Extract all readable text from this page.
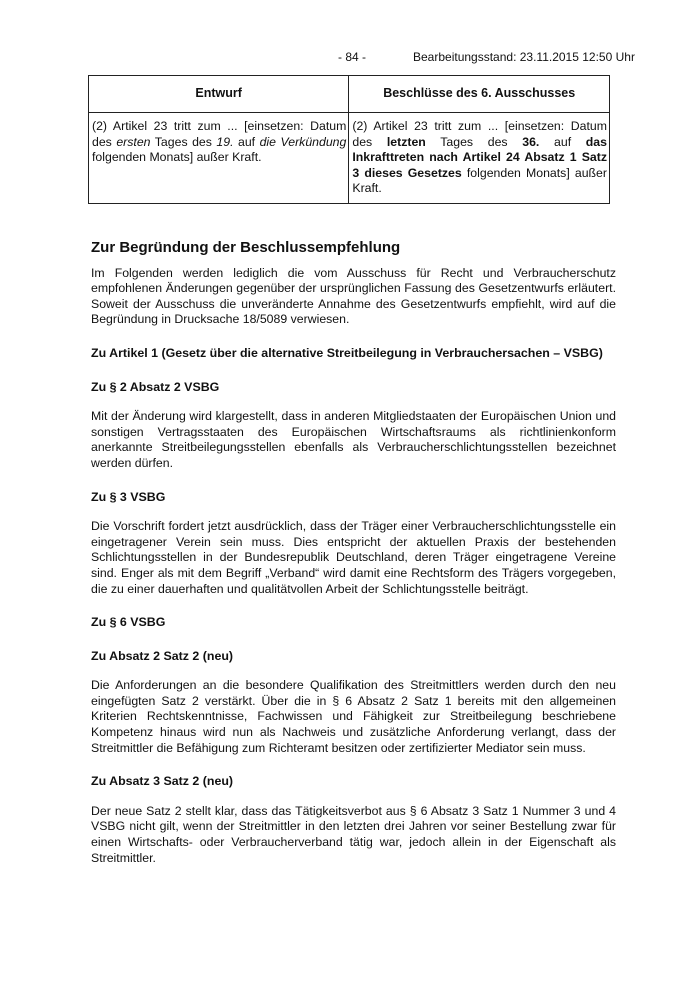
- 84 -	Bearbeitungsstand: 23.11.2015 12:50 Uhr
Entwurf	Beschlüsse des 6. Ausschusses
(2) Artikel 23 tritt zum ... [einsetzen: Datum des ersten Tages des 19. auf die Verkündung folgenden Monats] außer Kraft.	(2) Artikel 23 tritt zum ... [einsetzen: Datum des letzten Tages des 36. auf das Inkrafttreten nach Artikel 24 Absatz 1 Satz 3 dieses Gesetzes folgenden Monats] außer Kraft.
Zur Begründung der Beschlussempfehlung

Im Folgenden werden lediglich die vom Ausschuss für Recht und Verbraucherschutz empfohlenen Änderungen gegenüber der ursprünglichen Fassung des Gesetzentwurfs erläutert. Soweit der Ausschuss die unveränderte Annahme des Gesetzentwurfs empfiehlt, wird auf die Begründung in Drucksache 18/5089 verwiesen.

Zu Artikel 1 (Gesetz über die alternative Streitbeilegung in Verbrauchersachen – VSBG)
Zu § 2 Absatz 2 VSBG

Mit der Änderung wird klargestellt, dass in anderen Mitgliedstaaten der Europäischen Union und sonstigen Vertragsstaaten des Europäischen Wirtschaftsraums als richtlinienkonform anerkannte Streitbeilegungsstellen ebenfalls als Verbraucherschlichtungsstellen bezeichnet werden dürfen.

Zu § 3 VSBG

Die Vorschrift fordert jetzt ausdrücklich, dass der Träger einer Verbraucherschlichtungsstelle ein eingetragener Verein sein muss. Dies entspricht der aktuellen Praxis der bestehenden Schlichtungsstellen in der Bundesrepublik Deutschland, deren Träger eingetragene Vereine sind. Enger als mit dem Begriff „Verband“ wird damit eine Rechtsform des Trägers vorgegeben, die zu einer dauerhaften und qualitätvollen Arbeit der Schlichtungsstelle beiträgt.

Zu § 6 VSBG
Zu Absatz 2 Satz 2 (neu)

Die Anforderungen an die besondere Qualifikation des Streitmittlers werden durch den neu eingefügten Satz 2 verstärkt. Über die in § 6 Absatz 2 Satz 1 bereits mit den allgemeinen Kriterien Rechtskenntnisse, Fachwissen und Fähigkeit zur Streitbeilegung beschriebene Kompetenz hinaus wird nun als Nachweis und zusätzliche Anforderung verlangt, dass der Streitmittler die Befähigung zum Richteramt besitzen oder zertifizierter Mediator sein muss.

Zu Absatz 3 Satz 2 (neu)

Der neue Satz 2 stellt klar, dass das Tätigkeitsverbot aus § 6 Absatz 3 Satz 1 Nummer 3 und 4 VSBG nicht gilt, wenn der Streitmittler in den letzten drei Jahren vor seiner Bestellung zwar für einen Wirtschafts- oder Verbraucherverband tätig war, jedoch allein in der Eigenschaft als Streitmittler.
